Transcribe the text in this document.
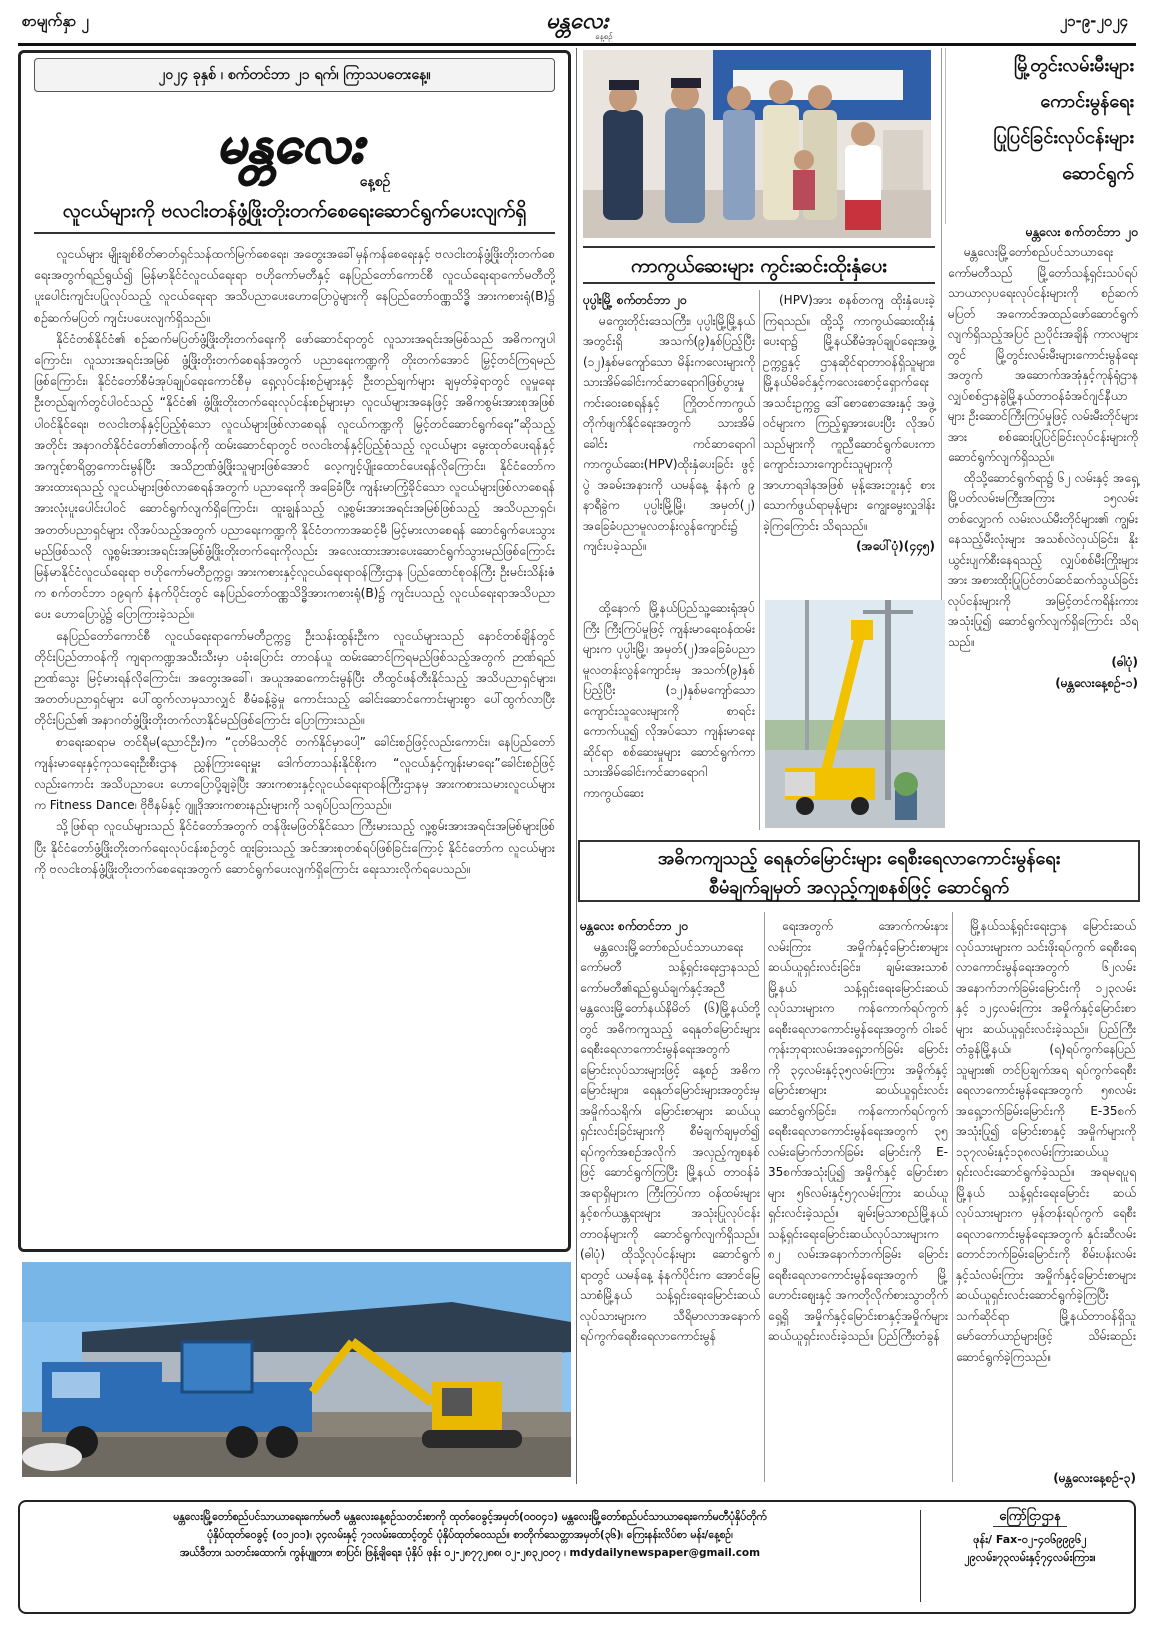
စာမျက်နှာ ၂	မန္တလေး
နေ့စဉ်
၂၁-၉-၂၀၂၄
၂၀၂၄ ခုနှစ် ၊ စက်တင်ဘာ ၂၁ ရက်၊ ကြာသပတေးနေ့။
မန္တလေး
နေ့စဉ်
လူငယ်များကို ဗလငါးတန်ဖွံ့ဖြိုးတိုးတက်စေရေးဆောင်ရွက်ပေးလျက်ရှိ

လူငယ်များ မျိုးချစ်စိတ်ဓာတ်ရှင်သန်ထက်မြက်စေရေး၊ အတွေးအခေါ်မှန်ကန်စေရေးနှင့် ဗလငါးတန်ဖွံ့ဖြိုးတိုးတက်စေရေးအတွက်ရည်ရွယ်၍ မြန်မာနိုင်ငံလူငယ်ရေးရာ ဗဟိုကော်မတီနှင့် နေပြည်တော်ကောင်စီ လူငယ်ရေးရာကော်မတီတို့ ပူးပေါင်းကျင်းပပြုလုပ်သည့် လူငယ်ရေးရာ အသိပညာပေးဟောပြောပွဲများကို နေပြည်တော်ဝဏ္ဏသိဒ္ဓိ အားကစားရုံ(B)၌ စဉ်ဆက်မပြတ် ကျင်းပပေးလျက်ရှိသည်။

နိုင်ငံတစ်နိုင်ငံ၏ စဉ်ဆက်မပြတ်ဖွံ့ဖြိုးတိုးတက်ရေးကို ဖော်ဆောင်ရာတွင် လူသားအရင်းအမြစ်သည် အဓိကကျပါကြောင်း၊ လူသားအရင်းအမြစ် ဖွံ့ဖြိုးတိုးတက်စေရန်အတွက် ပညာရေးကဏ္ဍကို တိုးတက်အောင် မြှင့်တင်ကြရမည်ဖြစ်ကြောင်း၊ နိုင်ငံတော်စီမံအုပ်ချုပ်ရေးကောင်စီမှ ရှေ့လုပ်ငန်းစဉ်များနှင့် ဦးတည်ချက်များ ချမှတ်ခဲ့ရာတွင် လူမှုရေးဦးတည်ချက်တွင်ပါဝင်သည့် “နိုင်ငံ၏ ဖွံ့ဖြိုးတိုးတက်ရေးလုပ်ငန်းစဉ်များမှာ လူငယ်များအနေဖြင့် အဓိကစွမ်းအားစုအဖြစ် ပါဝင်နိုင်ရေး၊ ဗလငါးတန်နှင့်ပြည့်စုံသော လူငယ်များဖြစ်လာစေရန် လူငယ်ကဏ္ဍကို မြှင့်တင်ဆောင်ရွက်ရေး”ဆိုသည့်အတိုင်း အနာဂတ်နိုင်ငံတော်၏တာဝန်ကို ထမ်းဆောင်ရာတွင် ဗလငါးတန်နှင့်ပြည့်စုံသည့် လူငယ်များ မွေးထုတ်ပေးရန်နှင့် အကျင့်စာရိတ္တကောင်းမွန်ပြီး အသိဉာဏ်ဖွံ့ဖြိုးသူများဖြစ်အောင် လေ့ကျင့်ပျိုးထောင်ပေးရန်လိုကြောင်း၊ နိုင်ငံတော်က အားထားရသည့် လူငယ်များဖြစ်လာစေရန်အတွက် ပညာရေးကို အခြေခံပြီး ကျန်းမာကြံ့ခိုင်သော လူငယ်များဖြစ်လာစေရန် အားလုံးပူးပေါင်းပါဝင် ဆောင်ရွက်လျက်ရှိကြောင်း၊ ထူးချွန်သည့် လူ့စွမ်းအားအရင်းအမြစ်ဖြစ်သည့် အသိပညာရှင်၊ အတတ်ပညာရှင်များ လိုအပ်သည့်အတွက် ပညာရေးကဏ္ဍကို နိုင်ငံတကာအဆင့်မီ မြင့်မားလာစေရန် ဆောင်ရွက်ပေးသွားမည်ဖြစ်သလို လူ့စွမ်းအားအရင်းအမြစ်ဖွံ့ဖြိုးတိုးတက်ရေးကိုလည်း အလေးထားအားပေးဆောင်ရွက်သွားမည်ဖြစ်ကြောင်း မြန်မာနိုင်ငံလူငယ်ရေးရာ ဗဟိုကော်မတီဥက္ကဋ္ဌ၊ အားကစားနှင့်လူငယ်ရေးရာဝန်ကြီးဌာန ပြည်ထောင်စုဝန်ကြီး ဦးမင်းသိန်းဇံက စက်တင်ဘာ ၁၉ရက် နံနက်ပိုင်းတွင် နေပြည်တော်ဝဏ္ဏသိဒ္ဓိအားကစားရုံ(B)၌ ကျင်းပသည့် လူငယ်ရေးရာအသိပညာပေး ဟောပြောပွဲ၌ ပြောကြားခဲ့သည်။

နေပြည်တော်ကောင်စီ လူငယ်ရေးရာကော်မတီဥက္ကဋ္ဌ ဦးသန်းထွန်းဦးက လူငယ်များသည် နောင်တစ်ချိန်တွင် တိုင်းပြည်တာဝန်ကို ကျရာကဏ္ဍအသီးသီးမှာ ပခုံးပြောင်း တာဝန်ယူ ထမ်းဆောင်ကြရမည်ဖြစ်သည့်အတွက် ဉာဏ်ရည်ဉာဏ်သွေး မြင့်မားရန်လိုကြောင်း၊ အတွေးအခေါ်၊ အယူအဆကောင်းမွန်ပြီး တီထွင်ဖန်တီးနိုင်သည့် အသိပညာရှင်များ၊ အတတ်ပညာရှင်များ ပေါ်ထွက်လာမှသာလျှင် စီမံခန့်ခွဲမှု ကောင်းသည့် ခေါင်းဆောင်ကောင်းများစွာ ပေါ်ထွက်လာပြီး တိုင်းပြည်၏ အနာဂတ်ဖွံ့ဖြိုးတိုးတက်လာနိုင်မည်ဖြစ်ကြောင်း ပြောကြားသည်။

စာရေးဆရာမ တင်ရီမ(ညောင်ဦး)က “ငုတ်မိသတိုင် တက်နိုင်မှာပေါ့” ခေါင်းစဉ်ဖြင့်လည်းကောင်း၊ နေပြည်တော်ကျန်းမာရေးနှင့်ကုသရေးဦးစီးဌာန ညွှန်ကြားရေးမှူး ဒေါက်တာသန်းနိုင်စိုးက “လူငယ်နှင့်ကျန်းမာရေး”ခေါင်းစဉ်ဖြင့်လည်းကောင်း အသိပညာပေး ဟောပြောပို့ချခဲ့ပြီး အားကစားနှင့်လူငယ်ရေးရာဝန်ကြီးဌာနမှ အားကစားသမားလူငယ်များက Fitness Dance၊ ဗိုဗီနမ်နှင့် ဂျူဒိုအားကစားနည်းများကို သရုပ်ပြသကြသည်။

သို့ဖြစ်ရာ လူငယ်များသည် နိုင်ငံတော်အတွက် တန်ဖိုးမဖြတ်နိုင်သော ကြီးမားသည့် လူ့စွမ်းအားအရင်းအမြစ်များဖြစ်ပြီး နိုင်ငံတော်ဖွံ့ဖြိုးတိုးတက်ရေးလုပ်ငန်းစဉ်တွင် ထူးခြားသည့် အင်အားစုတစ်ရပ်ဖြစ်ခြင်းကြောင့် နိုင်ငံတော်က လူငယ်များကို ဗလငါးတန်ဖွံ့ဖြိုးတိုးတက်စေရေးအတွက် ဆောင်ရွက်ပေးလျက်ရှိကြောင်း ရေးသားလိုက်ရပေသည်။

မြို့တွင်းလမ်းမီးများ
ကောင်းမွန်ရေး
ပြုပြင်ခြင်းလုပ်ငန်းများ
ဆောင်ရွက်
မန္တလေး စက်တင်ဘာ ၂၀

မန္တလေးမြို့တော်စည်ပင်သာယာရေးကော်မတီသည် မြို့တော်သန့်ရှင်းသပ်ရပ်သာယာလှပရေးလုပ်ငန်းများကို စဉ်ဆက်မပြတ် အကောင်အထည်ဖော်ဆောင်ရွက်လျက်ရှိသည့်အပြင် ညပိုင်းအချိန် ကာလများတွင် မြို့တွင်းလမ်းမီးများကောင်းမွန်ရေးအတွက် အဆောက်အအုံနှင့်ကုန်ရုံဌာန လျှပ်စစ်ဌာနခွဲမြို့နယ်တာဝန်ခံအင်ဂျင်နီယာများ ဦးဆောင်ကြီးကြပ်မှုဖြင့် လမ်းမီးတိုင်များအား စစ်ဆေးပြုပြင်ခြင်းလုပ်ငန်းများကို ဆောင်ရွက်လျက်ရှိသည်။

ထိုသို့ဆောင်ရွက်ရာ၌ ၆၂ လမ်းနှင့် အရှေ့မြို့ပတ်လမ်းမကြီးအကြား ၁၅လမ်းတစ်လျှောက် လမ်းလယ်မီးတိုင်များ၏ ကျွမ်းနေသည့်မီးလုံးများ အသစ်လဲလှယ်ခြင်း၊ နိုးယွင်းပျက်စီးနေရသည့် လျှပ်စစ်မီးကြိုးများအား အစားထိုးပြုပြင်တပ်ဆင်ဆက်သွယ်ခြင်းလုပ်ငန်းများကို အမြင့်တင်ကရိန်းကားအသုံးပြု၍ ဆောင်ရွက်လျက်ရှိကြောင်း သိရသည်။

(ဓါပုံ)
(မန္တလေးနေ့စဉ်-၁)
ကာကွယ်ဆေးများ ကွင်းဆင်းထိုးနှံပေး
ပုပ္ပါးမြို့ စက်တင်ဘာ ၂၀

မကွေးတိုင်းဒေသကြီး၊ ပုပ္ပါးမြို့မြို့နယ်အတွင်းရှိ အသက်(၉)နှစ်ပြည့်ပြီး (၁၂)နှစ်မကျော်သော မိန်းကလေးများကို သားအိမ်ခေါင်းကင်ဆာရောဂါဖြစ်ပွားမှု ကင်းဝေးစေရန်နှင့် ကြိုတင်ကာကွယ်တိုက်ဖျက်နိုင်ရေးအတွက် သားအိမ်ခေါင်း ကင်ဆာရောဂါကာကွယ်ဆေး(HPV)ထိုးနှံပေးခြင်း ဖွင့်ပွဲ အခမ်းအနားကို ယမန်နေ့ နံနက် ၉ နာရီခွဲက ပုပ္ပါးမြို့မြို့၊ အမှတ်(၂) အခြေခံပညာမူလတန်းလွန်ကျောင်း၌ ကျင်းပခဲ့သည်။

(HPV)အား စနစ်တကျ ထိုးနှံပေးခဲ့ကြရသည်။ ထို့သို့ ကာကွယ်ဆေးထိုးနှံပေးရာ၌ မြို့နယ်စီမံအုပ်ချုပ်ရေးအဖွဲ့ဥက္ကဋ္ဌနှင့် ဌာနဆိုင်ရာတာဝန်ရှိသူများ၊ မြို့နယ်မိခင်နှင့်ကလေးစောင့်ရှောက်ရေးအသင်းဥက္ကဋ္ဌ ဒေါ်စောစောအေးနှင့် အဖွဲ့ဝင်များက ကြည့်ရှုအားပေးပြီး လိုအပ်သည်များကို ကူညီဆောင်ရွက်ပေးကာ ကျောင်းသားကျောင်းသူများကို အာဟာရဒါနအဖြစ် မုန့်အေးဘူးနှင့် စားသောက်ဖွယ်ရာမုန့်များ ကျွေးမွေးလှူဒါန်းခဲ့ကြကြောင်း သိရသည်။

(အပေါ်ပုံ)(၄၄၅)

ထို့နောက် မြို့နယ်ပြည်သူ့ဆေးရုံအုပ်ကြီး ကြီးကြပ်မှုဖြင့် ကျန်းမာရေးဝန်ထမ်းများက ပုပ္ပါးမြို့၊ အမှတ်(၂)အခြေခံပညာမူလတန်းလွန်ကျောင်းမှ အသက်(၉)နှစ်ပြည့်ပြီး (၁၂)နှစ်မကျော်သော ကျောင်းသူလေးများကို စာရင်းကောက်ယူ၍ လိုအပ်သော ကျန်းမာရေးဆိုင်ရာ စစ်ဆေးမှုများ ဆောင်ရွက်ကာ သားအိမ်ခေါင်းကင်ဆာရောဂါ ကာကွယ်ဆေး

အဓိကကျသည့် ရေနုတ်မြောင်းများ ရေစီးရေလာကောင်းမွန်ရေး
စီမံချက်ချမှတ် အလှည့်ကျစနစ်ဖြင့် ဆောင်ရွက်
မန္တလေး စက်တင်ဘာ ၂၀

မန္တလေးမြို့တော်စည်ပင်သာယာရေးကော်မတီ သန့်ရှင်းရေးဌာနသည် ကော်မတီ၏ရည်ရွယ်ချက်နှင့်အညီ မန္တလေးမြို့တော်နယ်နိမိတ် (၆)မြို့နယ်တို့တွင် အဓိကကျသည့် ရေနုတ်မြောင်းများ ရေစီးရေလာကောင်းမွန်ရေးအတွက် မြောင်းလုပ်သားများဖြင့် နေ့စဉ် အဓိကမြောင်းများ၊ ရေနုတ်မြောင်းများအတွင်းမှ အမှိုက်သရိုက်၊ မြောင်းစာများ ဆယ်ယူရှင်းလင်းခြင်းများကို စီမံချက်ချမှတ်၍ ရပ်ကွက်အစဉ်အလိုက် အလှည့်ကျစနစ်ဖြင့် ဆောင်ရွက်ကြပြီး မြို့နယ် တာဝန်ခံအရာရှိများက ကြီးကြပ်ကာ ဝန်ထမ်းများနှင့်စက်ယန္တရားများ အသုံးပြုလုပ်ငန်းတာဝန်များကို ဆောင်ရွက်လျက်ရှိသည်။ (ဓါပုံ) ထိုသို့လုပ်ငန်းများ ဆောင်ရွက်ရာတွင် ယမန်နေ့ နံနက်ပိုင်းက အောင်မြေသာစံမြို့နယ် သန့်ရှင်းရေးမြောင်းဆယ်လုပ်သားများက သီရိမာလာအနောက်ရပ်ကွက်ရေစီးရေလာကောင်းမွန်

ရေးအတွက် အောက်ကမ်းနားလမ်းကြား အမှိုက်နှင့်မြောင်းစာများ ဆယ်ယူရှင်းလင်းခြင်း၊ ချမ်းအေးသာစံမြို့နယ် သန့်ရှင်းရေးမြောင်းဆယ်လုပ်သားများက ကန်ကောက်ရပ်ကွက် ရေစီးရေလာကောင်းမွန်ရေးအတွက် ဝါးခင်ကုန်းဘုရားလမ်းအရှေ့ဘက်ခြမ်း မြောင်းကို ၃၄လမ်းနှင့်၃၅လမ်းကြား အမှိုက်နှင့်မြောင်းစာများ ဆယ်ယူရှင်းလင်းဆောင်ရွက်ခြင်း၊ ကန်ကောက်ရပ်ကွက် ရေစီးရေလာကောင်းမွန်ရေးအတွက် ၃၅ လမ်းမြောက်ဘက်ခြမ်း မြောင်းကို E-35စက်အသုံးပြု၍ အမှိုက်နှင့် မြောင်းစာများ ၅၆လမ်းနှင့်၅၇လမ်းကြား ဆယ်ယူရှင်းလင်းခဲ့သည်။ ချမ်းမြသာစည်မြို့နယ် သန့်ရှင်းရေးမြောင်းဆယ်လုပ်သားများက ၈၂ လမ်းအနောက်ဘက်ခြမ်း မြောင်း ရေစီးရေလာကောင်းမွန်ရေးအတွက် မြို့ဟောင်းဈေးနှင့် အကတိုလိုက်စားသွာတိုက်ရှေ့ရှိ အမှိုက်နှင့်မြောင်းစာနှင့်အမှိုက်များ ဆယ်ယူရှင်းလင်းခဲ့သည်။ ပြည်ကြီးတံခွန်

မြို့နယ်သန့်ရှင်းရေးဌာန မြောင်းဆယ်လုပ်သားများက သင်းဖိုးရပ်ကွက် ရေစီးရေလာကောင်းမွန်ရေးအတွက် ၆၂လမ်းအနောက်ဘက်ခြမ်းမြောင်းကို ၁၂၃လမ်းနှင့် ၁၂၄လမ်းကြား အမှိုက်နှင့်မြောင်းစာများ ဆယ်ယူရှင်းလင်းခဲ့သည်။ ပြည်ကြီးတံခွန်မြို့နယ်၊ (ရ)ရပ်ကွက်နေပြည်သူများ၏ တင်ပြချက်အရ ရပ်ကွက်ရေစီးရေလာကောင်းမွန်ရေးအတွက် ၅၈လမ်းအရှေ့ဘက်ခြမ်းမြောင်းကို E-35စက်အသုံးပြု၍ မြောင်းစာနှင့် အမှိုက်များကို ၁၃၇လမ်းနှင့်၁၃၈လမ်းကြားဆယ်ယူရှင်းလင်းဆောင်ရွက်ခဲ့သည်။ အရမရပူရမြို့နယ် သန့်ရှင်းရေးမြောင်း ဆယ်လုပ်သားများက မှန်တန်းရပ်ကွက် ရေစီးရေလာကောင်းမွန်ရေးအတွက် နှင်းဆီလမ်းတောင်ဘက်ခြမ်းမြောင်းကို စိမ်းပန်းလမ်းနှင့်သံလမ်းကြား အမှိုက်နှင့်မြောင်းစာများ ဆယ်ယူရှင်းလင်းဆောင်ရွက်ခဲ့ကြပြီး သက်ဆိုင်ရာ မြို့နယ်တာဝန်ရှိသူ မော်တော်ယာဉ်များဖြင့် သိမ်းဆည်းဆောင်ရွက်ခဲ့ကြသည်။

(မန္တလေးနေ့စဉ်-၃)
မန္တလေးမြို့တော်စည်ပင်သာယာရေးကော်မတီ မန္တလေးနေ့စဉ်သတင်းစာကို ထုတ်ဝေခွင့်အမှတ်(၀၀၀၄၁) မန္တလေးမြို့တော်စည်ပင်သာယာရေးကော်မတီပုံနှိပ်တိုက်
ပုံနှိပ်ထုတ်ဝေခွင့် (၀၁၂၀၁)၊ ၃၄လမ်းနှင့် ၇၁လမ်းထောင့်တွင် ပုံနှိပ်ထုတ်ဝေသည်။ စာတိုက်သေတ္တာအမှတ်(၃၆)၊ ကြေးနန်းလိပ်စာ မန်း/နေ့စဉ်၊
အယ်ဒီတာ၊ သတင်းထောက်၊ ကွန်ပျူတာ၊ စာပြင်၊ ဖြန့်ချိရေး၊ ပုံနှိပ် ဖုန်း ၀၂-၂၈၇၇၂၈၈၊ ၀၂-၂၈၃၂၀၀၇ ၊ mdydailynewspaper@gmail.com
ကြော်ငြာဌာန
ဖုန်း/ Fax-၀၂-၄၀၆၉၉၉၆၂
၂၉လမ်း၊၇၃လမ်းနှင့်၇၄လမ်းကြား။
